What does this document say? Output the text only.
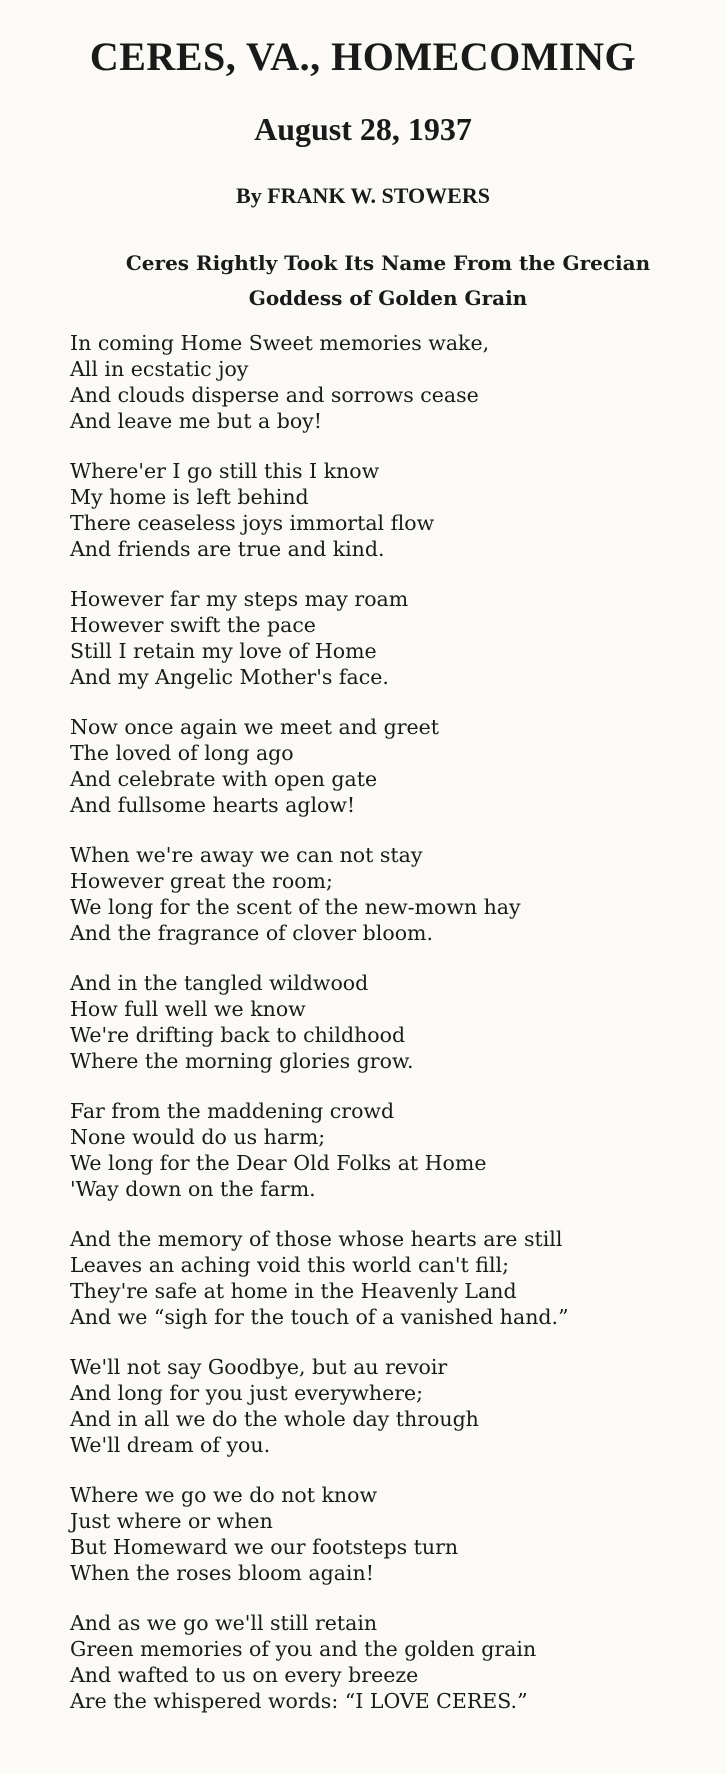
CERES, VA., HOMECOMING
August 28, 1937
By FRANK W. STOWERS
Ceres Rightly Took Its Name From the Grecian
Goddess of Golden Grain
In coming Home Sweet memories wake,
All in ecstatic joy
And clouds disperse and sorrows cease
And leave me but a boy!
Where'er I go still this I know
My home is left behind
There ceaseless joys immortal flow
And friends are true and kind.
However far my steps may roam
However swift the pace
Still I retain my love of Home
And my Angelic Mother's face.
Now once again we meet and greet
The loved of long ago
And celebrate with open gate
And fullsome hearts aglow!
When we're away we can not stay
However great the room;
We long for the scent of the new-mown hay
And the fragrance of clover bloom.
And in the tangled wildwood
How full well we know
We're drifting back to childhood
Where the morning glories grow.
Far from the maddening crowd
None would do us harm;
We long for the Dear Old Folks at Home
'Way down on the farm.
And the memory of those whose hearts are still
Leaves an aching void this world can't fill;
They're safe at home in the Heavenly Land
And we “sigh for the touch of a vanished hand.”
We'll not say Goodbye, but au revoir
And long for you just everywhere;
And in all we do the whole day through
We'll dream of you.
Where we go we do not know
Just where or when
But Homeward we our footsteps turn
When the roses bloom again!
And as we go we'll still retain
Green memories of you and the golden grain
And wafted to us on every breeze
Are the whispered words: “I LOVE CERES.”
